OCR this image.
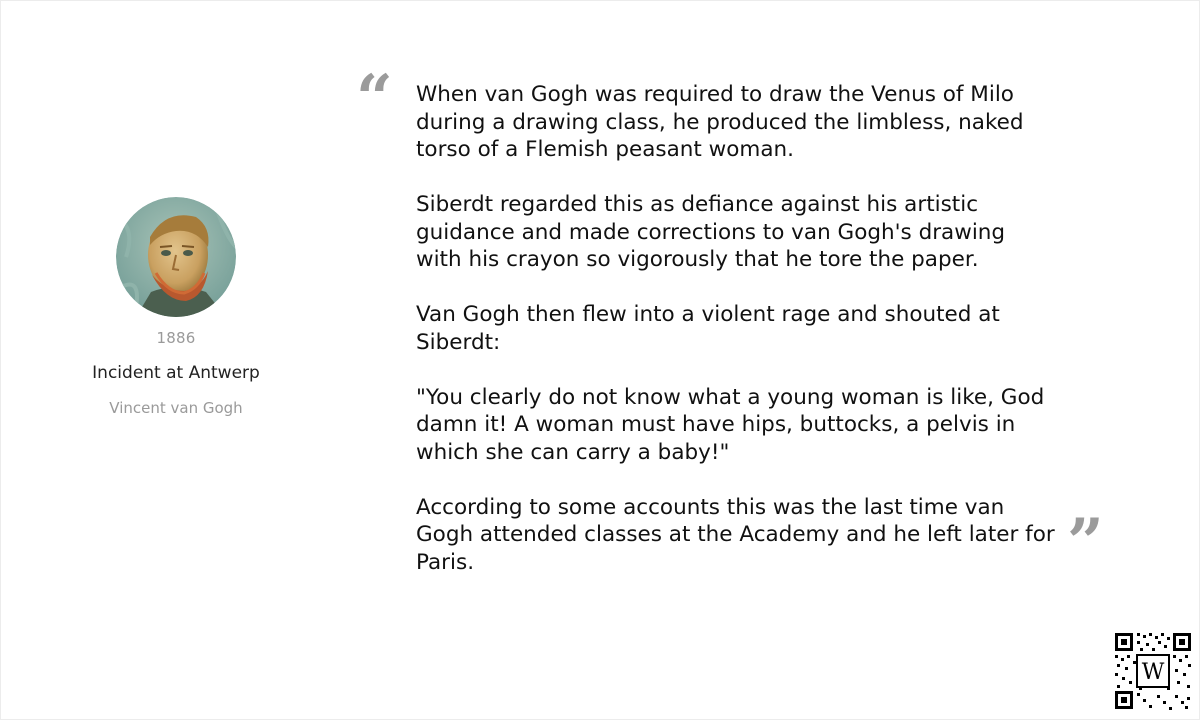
1886
Incident at Antwerp
Vincent van Gogh
“ When van Gogh was required to draw the Venus of Milo during a drawing class, he produced the limbless, naked torso of a Flemish peasant woman.

Siberdt regarded this as defiance against his artistic guidance and made corrections to van Gogh's drawing with his crayon so vigorously that he tore the paper.

Van Gogh then flew into a violent rage and shouted at Siberdt:

"You clearly do not know what a young woman is like, God damn it! A woman must have hips, buttocks, a pelvis in which she can carry a baby!"

According to some accounts this was the last time van Gogh attended classes at the Academy and he left later for Paris.	”
W
